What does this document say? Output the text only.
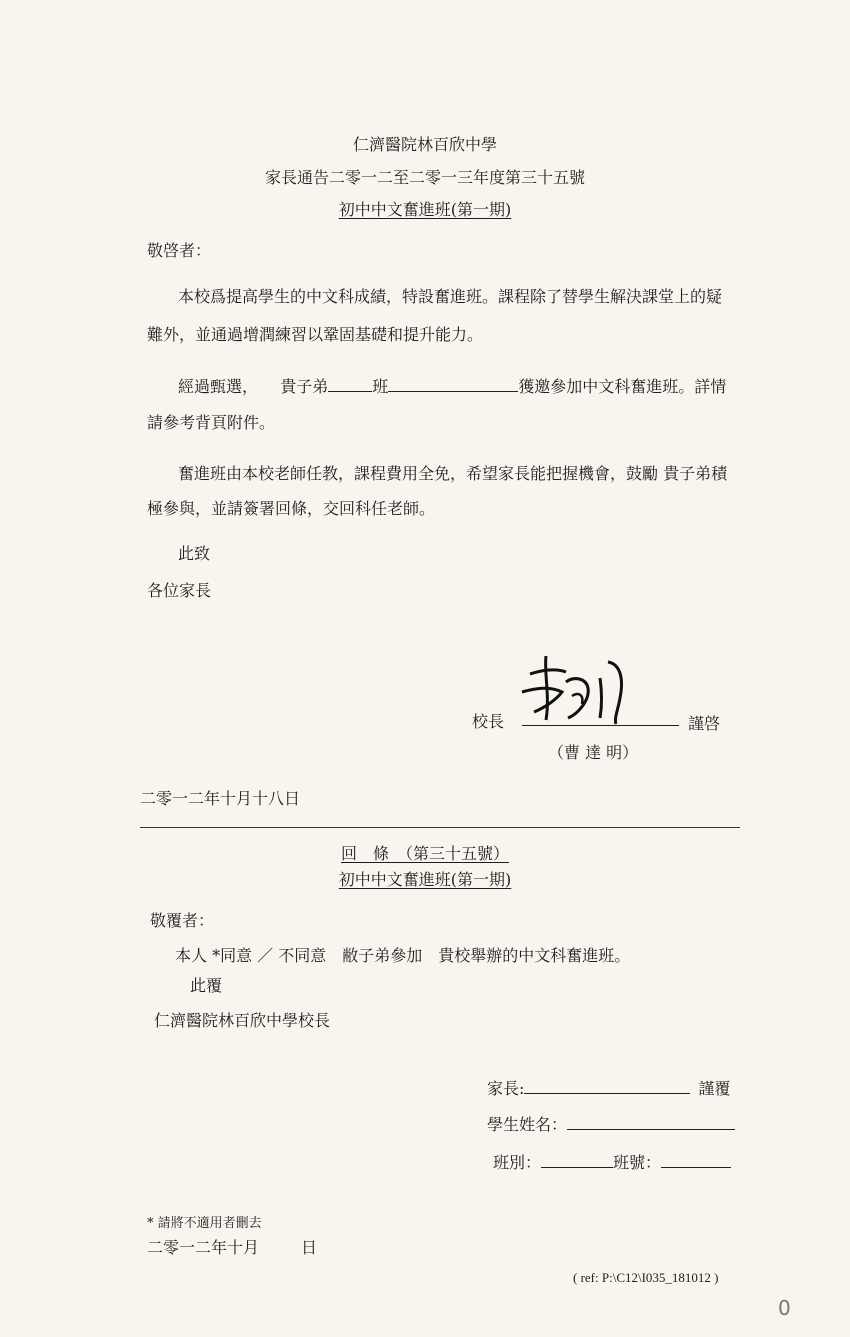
仁濟醫院林百欣中學
家長通告二零一二至二零一三年度第三十五號
初中中文奮進班(第一期)
敬啓者：
本校爲提高學生的中文科成績，特設奮進班。課程除了替學生解決課堂上的疑
難外，並通過增潤練習以鞏固基礎和提升能力。
經過甄選， 貴子弟	班	獲邀參加中文科奮進班。詳情
請參考背頁附件。
奮進班由本校老師任教，課程費用全免，希望家長能把握機會，鼓勵 貴子弟積
極參與，並請簽署回條，交回科任老師。
此致
各位家長
校長	謹啓
（曹 達 明）
二零一二年十月十八日
回　條　（第三十五號）
初中中文奮進班(第一期)
敬覆者：
本人 *同意 ／ 不同意　敝子弟參加　貴校舉辦的中文科奮進班。
此覆
仁濟醫院林百欣中學校長
家長:	謹覆
學生姓名：
班別：	班號：
* 請將不適用者刪去
二零一二年十月	日
( ref: P:\C12\I035_181012 )
0
